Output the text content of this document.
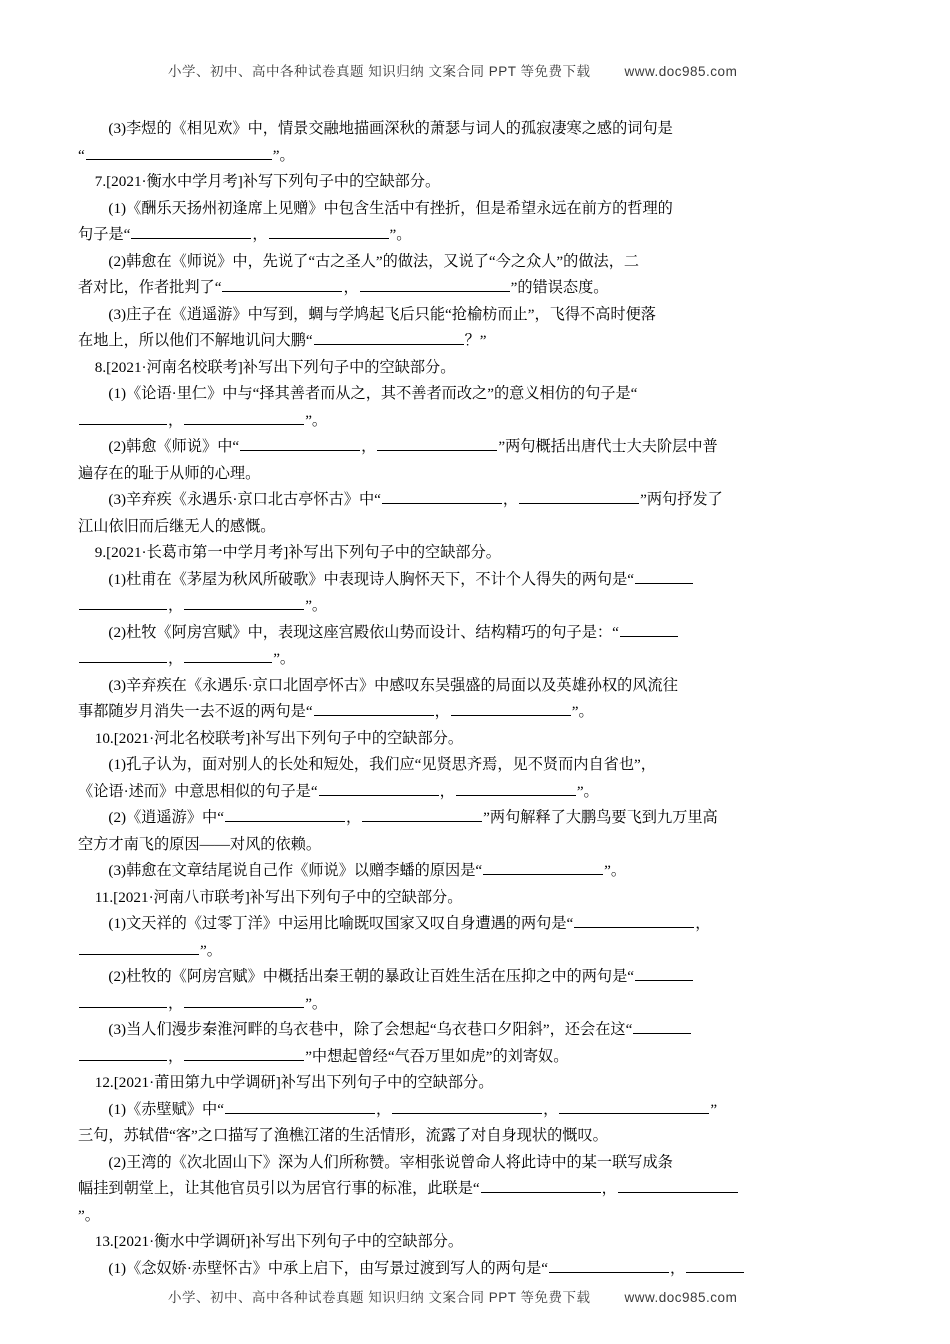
小学、初中、高中各种试卷真题 知识归纳 文案合同 PPT 等免费下载	www.doc985.com

(3)李煜的《相见欢》中，情景交融地描画深秋的萧瑟与词人的孤寂凄寒之感的词句是

“	”。

7.[2021·衡水中学月考]补写下列句子中的空缺部分。

(1)《酬乐天扬州初逢席上见赠》中包含生活中有挫折，但是希望永远在前方的哲理的

句子是“	，	”。

(2)韩愈在《师说》中，先说了“古之圣人”的做法，又说了“今之众人”的做法，二

者对比，作者批判了“	，	”的错误态度。

(3)庄子在《逍遥游》中写到，蜩与学鸠起飞后只能“抢榆枋而止”，飞得不高时便落

在地上，所以他们不解地讥问大鹏“	？”

8.[2021·河南名校联考]补写出下列句子中的空缺部分。

(1)《论语·里仁》中与“择其善者而从之，其不善者而改之”的意义相仿的句子是“

，	”。

(2)韩愈《师说》中“	，	”两句概括出唐代士大夫阶层中普

遍存在的耻于从师的心理。

(3)辛弃疾《永遇乐·京口北古亭怀古》中“	，	”两句抒发了

江山依旧而后继无人的感慨。

9.[2021·长葛市第一中学月考]补写出下列句子中的空缺部分。

(1)杜甫在《茅屋为秋风所破歌》中表现诗人胸怀天下，不计个人得失的两句是“

，	”。

(2)杜牧《阿房宫赋》中，表现这座宫殿依山势而设计、结构精巧的句子是：“

，	”。

(3)辛弃疾在《永遇乐·京口北固亭怀古》中感叹东吴强盛的局面以及英雄孙权的风流往

事都随岁月消失一去不返的两句是“	，	”。

10.[2021·河北名校联考]补写出下列句子中的空缺部分。

(1)孔子认为，面对别人的长处和短处，我们应“见贤思齐焉，见不贤而内自省也”，

《论语·述而》中意思相似的句子是“	，	”。

(2)《逍遥游》中“	，	”两句解释了大鹏鸟要飞到九万里高

空方才南飞的原因——对风的依赖。

(3)韩愈在文章结尾说自己作《师说》以赠李蟠的原因是“	”。

11.[2021·河南八市联考]补写出下列句子中的空缺部分。

(1)文天祥的《过零丁洋》中运用比喻既叹国家又叹自身遭遇的两句是“	，

”。

(2)杜牧的《阿房宫赋》中概括出秦王朝的暴政让百姓生活在压抑之中的两句是“

，	”。

(3)当人们漫步秦淮河畔的乌衣巷中，除了会想起“乌衣巷口夕阳斜”，还会在这“

，	”中想起曾经“气吞万里如虎”的刘寄奴。

12.[2021·莆田第九中学调研]补写出下列句子中的空缺部分。

(1)《赤壁赋》中“	，	，	”

三句，苏轼借“客”之口描写了渔樵江渚的生活情形，流露了对自身现状的慨叹。

(2)王湾的《次北固山下》深为人们所称赞。宰相张说曾命人将此诗中的某一联写成条

幅挂到朝堂上，让其他官员引以为居官行事的标准，此联是“	，

”。

13.[2021·衡水中学调研]补写出下列句子中的空缺部分。

(1)《念奴娇·赤壁怀古》中承上启下，由写景过渡到写人的两句是“	，

小学、初中、高中各种试卷真题 知识归纳 文案合同 PPT 等免费下载	www.doc985.com
